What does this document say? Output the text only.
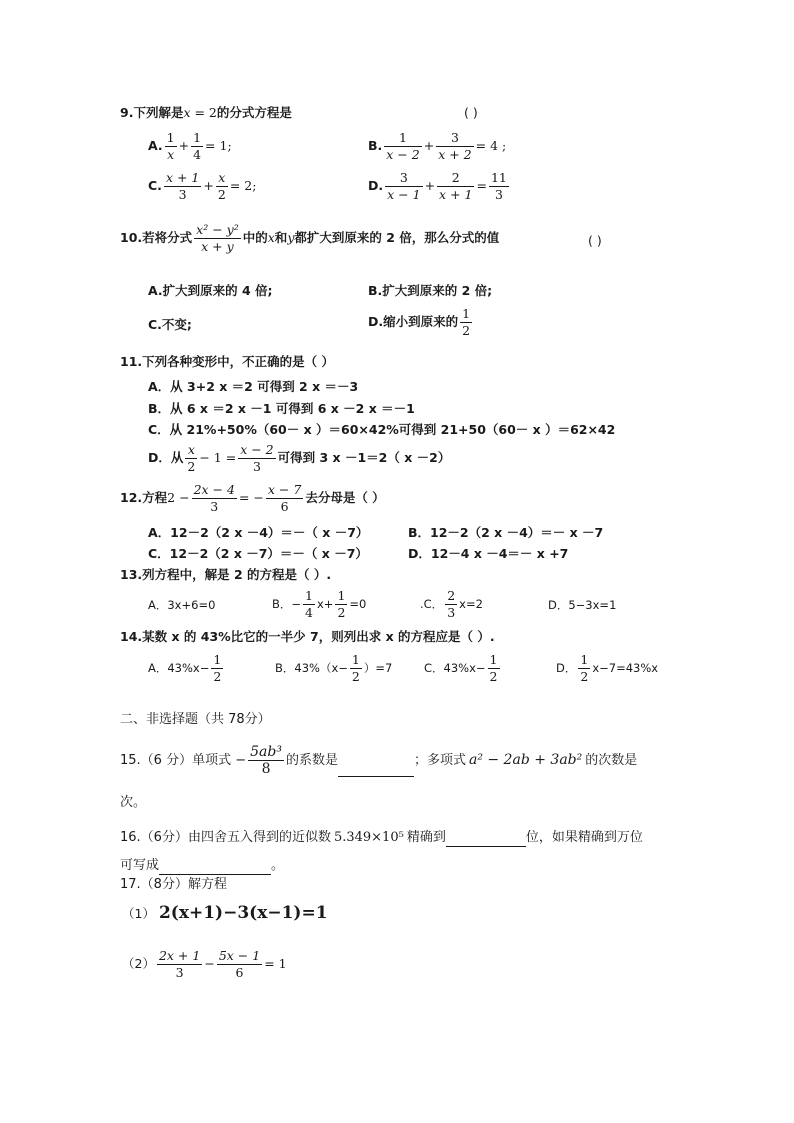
9.下列解是x = 2的分式方程是	( )
A. $\frac{1}{x} + \frac{1}{4} = 1$;	B. $\frac{1}{x - 2} + \frac{3}{x + 2} = 4$ ;
C. $\frac{x + 1}{3} + \frac{x}{2} = 2$;	D. $\frac{3}{x - 1} + \frac{2}{x + 1} = \frac{11}{3}$
10.若将分式 $\frac{\text{x² − y²}}{x + y}$ 中的x和y都扩大到原来的 2 倍，那么分式的值	( )
A.扩大到原来的 4 倍;	B.扩大到原来的 2 倍;
C.不变;	D.缩小到原来的 $\frac{1}{2}$
11.下列各种变形中，不正确的是（ ）
A．从 3+2 x ＝2 可得到 2 x ＝－3
B．从 6 x ＝2 x －1 可得到 6 x －2 x ＝－1
C．从 21%+50%（60－ x ）＝60×42%可得到 21+50（60－ x ）＝62×42
D．从 $\frac{x}{2} - 1 = \frac{x - 2}{3}$ 可得到 3 x －1＝2（ x －2）
12.方程$2 - \frac{2x - 4}{3}$ = − $\frac{x - 7}{6}$ 去分母是（ ）
A．12－2（2 x －4）＝－（ x －7）	B．12－2（2 x －4）＝－ x －7
C．12－2（2 x －7）＝－（ x －7）	D．12－4 x －4＝－ x +7
13.列方程中，解是 2 的方程是（ ）.
A．3x+6=0	B．− $\frac{1}{4} x+ \frac{1}{2} =0$	.C． $\frac{2}{3} x=2$	D．5−3x=1
14.某数 x 的 43%比它的一半少 7，则列出求 x 的方程应是（ ）.
A．$43\%x- \frac{1}{2}$	B．$43\%(x- \frac{1}{2} )=7$	C．$43\%x- \frac{1}{2}$	D． $\frac{1}{2} x-7=43\%x$
二、非选择题（共 78分）
15.（6 分）单项式 − $\frac{\text{5ab³}}{8}$ 的系数是	；多项式 a² − 2ab + 3ab² 的次数是
次。
16.（6分）由四舍五入得到的近似数 5.349×10⁵ 精确到	位，如果精确到万位
可写成	。
17.（8分）解方程
（1） 2(x+1)−3(x−1)=1
$(2) \frac{2x + 1}{3} - \frac{5x - 1}{6} = 1$
